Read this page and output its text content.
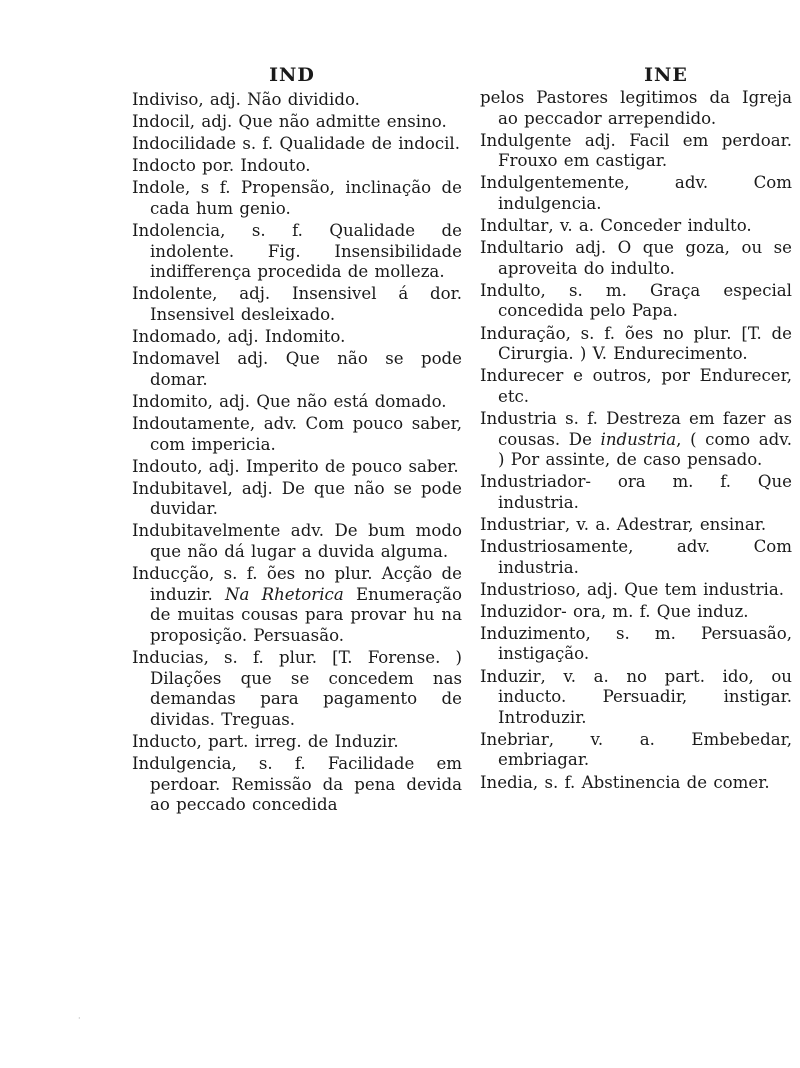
IND

Indiviso, adj. Não dividido.

Indocil, adj. Que não admitte ensino.

Indocilidade s. f. Qualidade de indocil.

Indocto por. Indouto.

Indole, s f. Propensão, inclinação de cada hum genio.

Indolencia, s. f. Qualidade de indolente. Fig. Insensibilidade indifferença procedida de molleza.

Indolente, adj. Insensivel á dor. Insensivel desleixado.

Indomado, adj. Indomito.

Indomavel adj. Que não se pode domar.

Indomito, adj. Que não está domado.

Indoutamente, adv. Com pouco saber, com impericia.

Indouto, adj. Imperito de pouco saber.

Indubitavel, adj. De que não se pode duvidar.

Indubitavelmente adv. De bum modo que não dá lugar a duvida alguma.

Inducção, s. f. ões no plur. Acção de induzir. Na Rhetorica Enumeração de muitas cousas para provar hu na proposição. Persuasão.

Inducias, s. f. plur. [T. Forense. ) Dilações que se concedem nas demandas para pagamento de dividas. Treguas.

Inducto, part. irreg. de Induzir.

Indulgencia, s. f. Facilidade em perdoar. Remissão da pena devida ao peccado concedida

INE

pelos Pastores legitimos da Igreja ao peccador arrependido.

Indulgente adj. Facil em perdoar. Frouxo em castigar.

Indulgentemente, adv. Com indulgencia.

Indultar, v. a. Conceder indulto.

Indultario adj. O que goza, ou se aproveita do indulto.

Indulto, s. m. Graça especial concedida pelo Papa.

Induração, s. f. ões no plur. [T. de Cirurgia. ) V. Endurecimento.

Indurecer e outros, por Endurecer, etc.

Industria s. f. Destreza em fazer as cousas. De industria, ( como adv. ) Por assinte, de caso pensado.

Industriador- ora m. f. Que industria.

Industriar, v. a. Adestrar, ensinar.

Industriosamente, adv. Com industria.

Industrioso, adj. Que tem industria.

Induzidor- ora, m. f. Que induz.

Induzimento, s. m. Persuasão, instigação.

Induzir, v. a. no part. ido, ou inducto. Persuadir, instigar. Introduzir.

Inebriar, v. a. Embebedar, embriagar.

Inedia, s. f. Abstinencia de comer.

·
